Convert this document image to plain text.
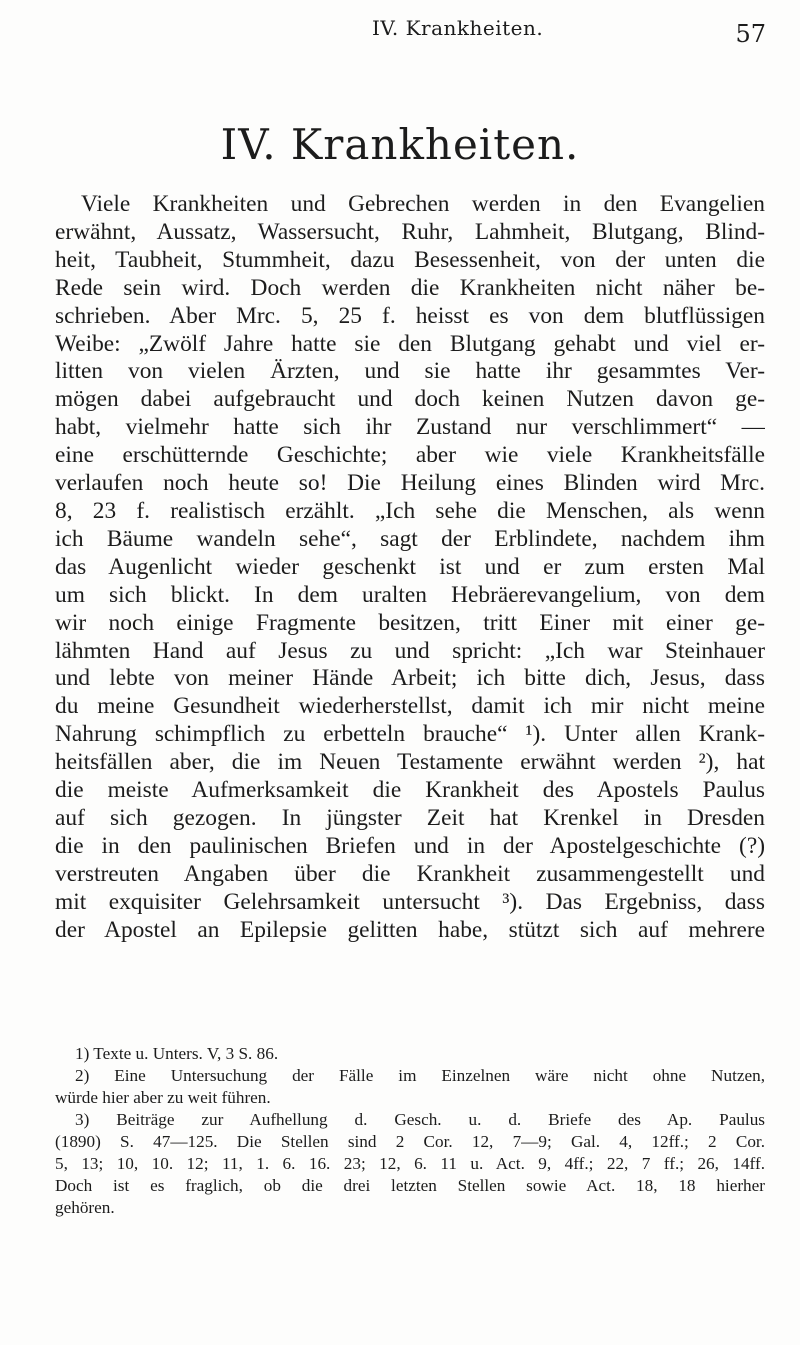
IV. Krankheiten.	57
IV. Krankheiten.
Viele Krankheiten und Gebrechen werden in den Evangelien
erwähnt, Aussatz, Wassersucht, Ruhr, Lahmheit, Blutgang, Blind-
heit, Taubheit, Stummheit, dazu Besessenheit, von der unten die
Rede sein wird. Doch werden die Krankheiten nicht näher be-
schrieben. Aber Mrc. 5, 25 f. heisst es von dem blutflüssigen
Weibe: „Zwölf Jahre hatte sie den Blutgang gehabt und viel er-
litten von vielen Ärzten, und sie hatte ihr gesammtes Ver-
mögen dabei aufgebraucht und doch keinen Nutzen davon ge-
habt, vielmehr hatte sich ihr Zustand nur verschlimmert“ —
eine erschütternde Geschichte; aber wie viele Krankheitsfälle
verlaufen noch heute so! Die Heilung eines Blinden wird Mrc.
8, 23 f. realistisch erzählt. „Ich sehe die Menschen, als wenn
ich Bäume wandeln sehe“, sagt der Erblindete, nachdem ihm
das Augenlicht wieder geschenkt ist und er zum ersten Mal
um sich blickt. In dem uralten Hebräerevangelium, von dem
wir noch einige Fragmente besitzen, tritt Einer mit einer ge-
lähmten Hand auf Jesus zu und spricht: „Ich war Steinhauer
und lebte von meiner Hände Arbeit; ich bitte dich, Jesus, dass
du meine Gesundheit wiederherstellst, damit ich mir nicht meine
Nahrung schimpflich zu erbetteln brauche“ ¹). Unter allen Krank-
heitsfällen aber, die im Neuen Testamente erwähnt werden ²), hat
die meiste Aufmerksamkeit die Krankheit des Apostels Paulus
auf sich gezogen. In jüngster Zeit hat Krenkel in Dresden
die in den paulinischen Briefen und in der Apostelgeschichte (?)
verstreuten Angaben über die Krankheit zusammengestellt und
mit exquisiter Gelehrsamkeit untersucht ³). Das Ergebniss, dass
der Apostel an Epilepsie gelitten habe, stützt sich auf mehrere
1) Texte u. Unters. V, 3 S. 86.
2) Eine Untersuchung der Fälle im Einzelnen wäre nicht ohne Nutzen,
würde hier aber zu weit führen.
3) Beiträge zur Aufhellung d. Gesch. u. d. Briefe des Ap. Paulus
(1890) S. 47—125. Die Stellen sind 2 Cor. 12, 7—9; Gal. 4, 12ff.; 2 Cor.
5, 13; 10, 10. 12; 11, 1. 6. 16. 23; 12, 6. 11 u. Act. 9, 4ff.; 22, 7 ff.; 26, 14ff.
Doch ist es fraglich, ob die drei letzten Stellen sowie Act. 18, 18 hierher
gehören.
